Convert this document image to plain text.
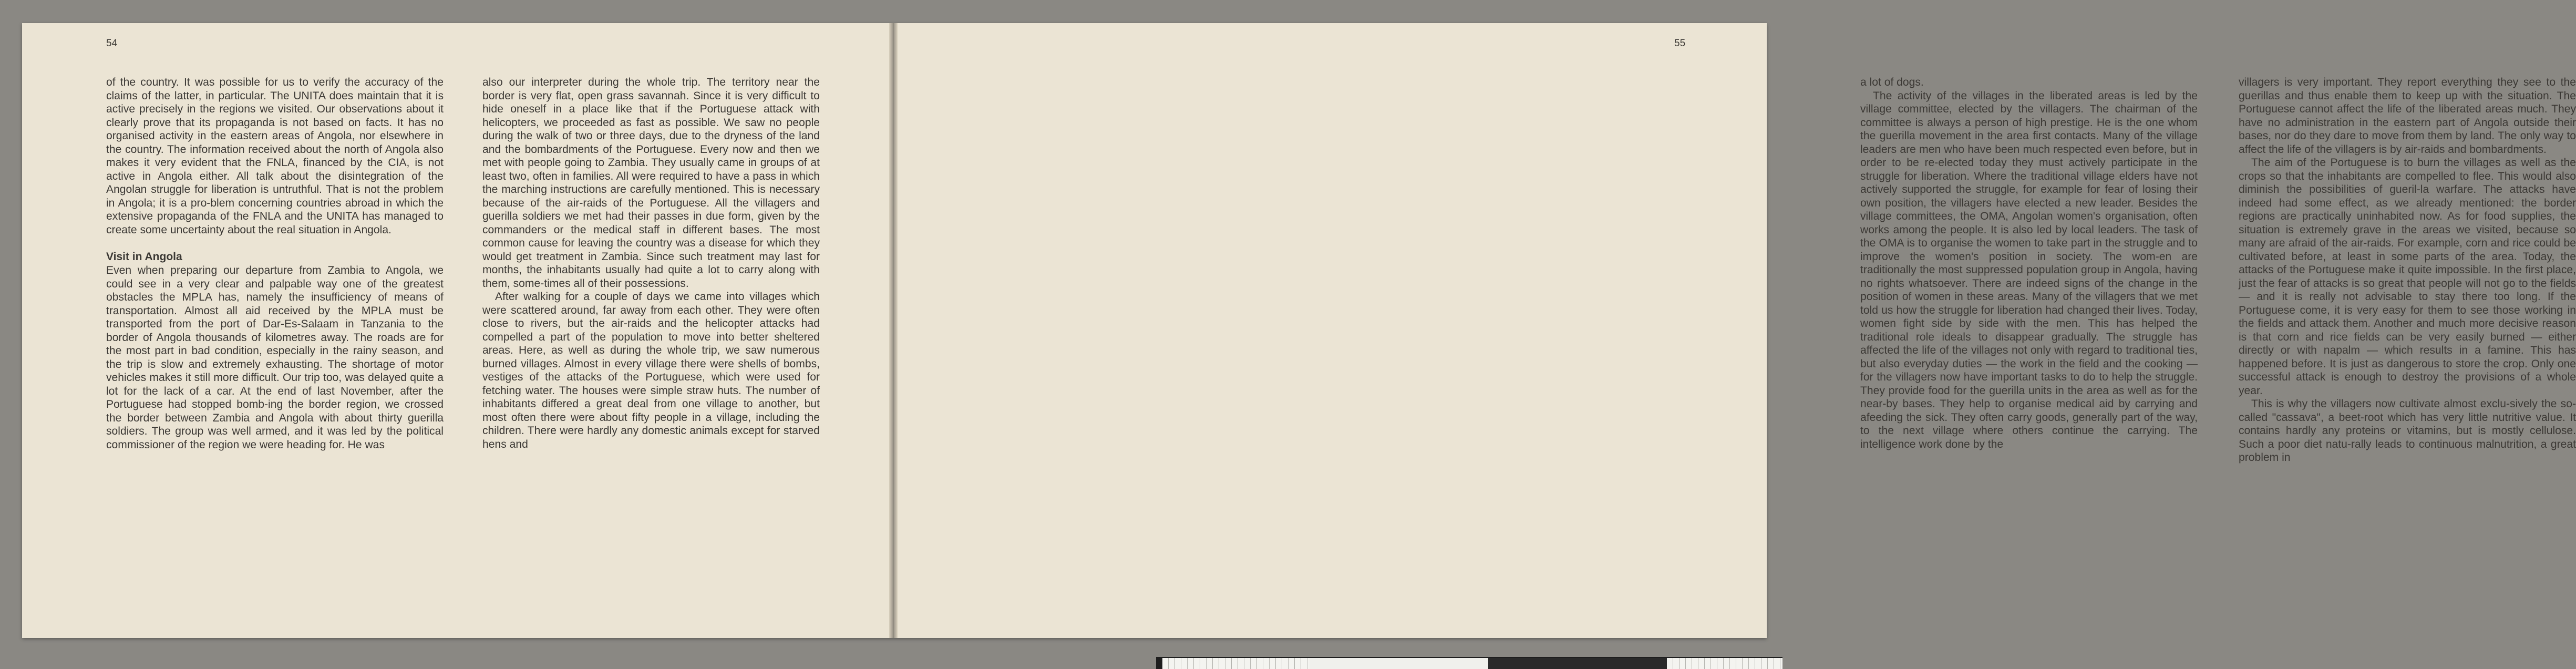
54

of the country. It was possible for us to verify the accuracy of the claims of the latter, in particular. The UNITA does maintain that it is active precisely in the regions we visited. Our observations about it clearly prove that its propaganda is not based on facts. It has no organised activity in the eastern areas of Angola, nor elsewhere in the country. The information received about the north of Angola also makes it very evident that the FNLA, financed by the CIA, is not active in Angola either. All talk about the disintegration of the Angolan struggle for liberation is untruthful. That is not the problem in Angola; it is a pro-blem concerning countries abroad in which the extensive propaganda of the FNLA and the UNITA has managed to create some uncertainty about the real situation in Angola.

Visit in Angola

Even when preparing our departure from Zambia to Angola, we could see in a very clear and palpable way one of the greatest obstacles the MPLA has, namely the insufficiency of means of transportation. Almost all aid received by the MPLA must be transported from the port of Dar-Es-Salaam in Tanzania to the border of Angola thousands of kilometres away. The roads are for the most part in bad condition, especially in the rainy season, and the trip is slow and extremely exhausting. The shortage of motor vehicles makes it still more difficult. Our trip too, was delayed quite a lot for the lack of a car. At the end of last November, after the Portuguese had stopped bomb-ing the border region, we crossed the border between Zambia and Angola with about thirty guerilla soldiers. The group was well armed, and it was led by the political commissioner of the region we were heading for. He was

also our interpreter during the whole trip. The territory near the border is very flat, open grass savannah. Since it is very difficult to hide oneself in a place like that if the Portuguese attack with helicopters, we proceeded as fast as possible. We saw no people during the walk of two or three days, due to the dryness of the land and the bombardments of the Portuguese. Every now and then we met with people going to Zambia. They usually came in groups of at least two, often in families. All were required to have a pass in which the marching instructions are carefully mentioned. This is necessary because of the air-raids of the Portuguese. All the villagers and guerilla soldiers we met had their passes in due form, given by the commanders or the medical staff in different bases. The most common cause for leaving the country was a disease for which they would get treatment in Zambia. Since such treatment may last for months, the inhabitants usually had quite a lot to carry along with them, some-times all of their possessions.

After walking for a couple of days we came into villages which were scattered around, far away from each other. They were often close to rivers, but the air-raids and the helicopter attacks had compelled a part of the population to move into better sheltered areas. Here, as well as during the whole trip, we saw numerous burned villages. Almost in every village there were shells of bombs, vestiges of the attacks of the Portuguese, which were used for fetching water. The houses were simple straw huts. The number of inhabitants differed a great deal from one village to another, but most often there were about fifty people in a village, including the children. There were hardly any domestic animals except for starved hens and

55

a lot of dogs.

The activity of the villages in the liberated areas is led by the village committee, elected by the villagers. The chairman of the committee is always a person of high prestige. He is the one whom the guerilla movement in the area first contacts. Many of the village leaders are men who have been much respected even before, but in order to be re-elected today they must actively participate in the struggle for liberation. Where the traditional village elders have not actively supported the struggle, for example for fear of losing their own position, the villagers have elected a new leader. Besides the village committees, the OMA, Angolan women's organisation, often works among the people. It is also led by local leaders. The task of the OMA is to organise the women to take part in the struggle and to improve the women's position in society. The wom-en are traditionally the most suppressed population group in Angola, having no rights whatsoever. There are indeed signs of the change in the position of women in these areas. Many of the villagers that we met told us how the struggle for liberation had changed their lives. Today, women fight side by side with the men. This has helped the traditional role ideals to disappear gradually. The struggle has affected the life of the villages not only with regard to traditional ties, but also everyday duties — the work in the field and the cooking — for the villagers now have important tasks to do to help the struggle. They provide food for the guerilla units in the area as well as for the near-by bases. They help to organise medical aid by carrying and afeeding the sick. They often carry goods, generally part of the way, to the next village where others continue the carrying. The intelligence work done by the

villagers is very important. They report everything they see to the guerillas and thus enable them to keep up with the situation. The Portuguese cannot affect the life of the liberated areas much. They have no administration in the eastern part of Angola outside their bases, nor do they dare to move from them by land. The only way to affect the life of the villagers is by air-raids and bombardments.

The aim of the Portuguese is to burn the villages as well as the crops so that the inhabitants are compelled to flee. This would also diminish the possibilities of gueril-la warfare. The attacks have indeed had some effect, as we already mentioned: the border regions are practically uninhabited now. As for food supplies, the situation is extremely grave in the areas we visited, because so many are afraid of the air-raids. For example, corn and rice could be cultivated before, at least in some parts of the area. Today, the attacks of the Portuguese make it quite impossible. In the first place, just the fear of attacks is so great that people will not go to the fields — and it is really not advisable to stay there too long. If the Portuguese come, it is very easy for them to see those working in the fields and attack them. Another and much more decisive reason is that corn and rice fields can be very easily burned — either directly or with napalm — which results in a famine. This has happened before. It is just as dangerous to store the crop. Only one successful attack is enough to destroy the provisions of a whole year.

This is why the villagers now cultivate almost exclu-sively the so-called "cassava", a beet-root which has very little nutritive value. It contains hardly any proteins or vitamins, but is mostly cellulose. Such a poor diet natu-rally leads to continuous malnutrition, a great problem in
